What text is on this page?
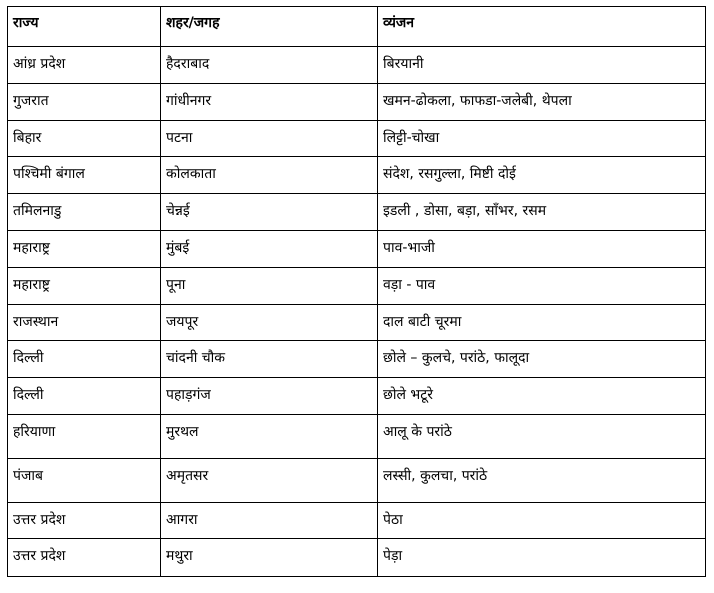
राज्य	शहर/जगह	व्यंजन
आंध्र प्रदेश	हैदराबाद	बिरयानी
गुजरात	गांधीनगर	खमन-ढोकला, फाफडा-जलेबी, थेपला
बिहार	पटना	लिट्टी-चोखा
पश्चिमी बंगाल	कोलकाता	संदेश, रसगुल्ला, मिष्टी दोई
तमिलनाडु	चेन्नई	इडली , डोसा, बड़ा, साँभर, रसम
महाराष्ट्र	मुंबई	पाव-भाजी
महाराष्ट्र	पूना	वड़ा - पाव
राजस्थान	जयपूर	दाल बाटी चूरमा
दिल्ली	चांदनी चौक	छोले – कुलचे, परांठे, फालूदा
दिल्ली	पहाड़गंज	छोले भटूरे
हरियाणा	मुरथल	आलू के परांठे
पंजाब	अमृतसर	लस्सी, कुलचा, परांठे
उत्तर प्रदेश	आगरा	पेठा
उत्तर प्रदेश	मथुरा	पेड़ा
